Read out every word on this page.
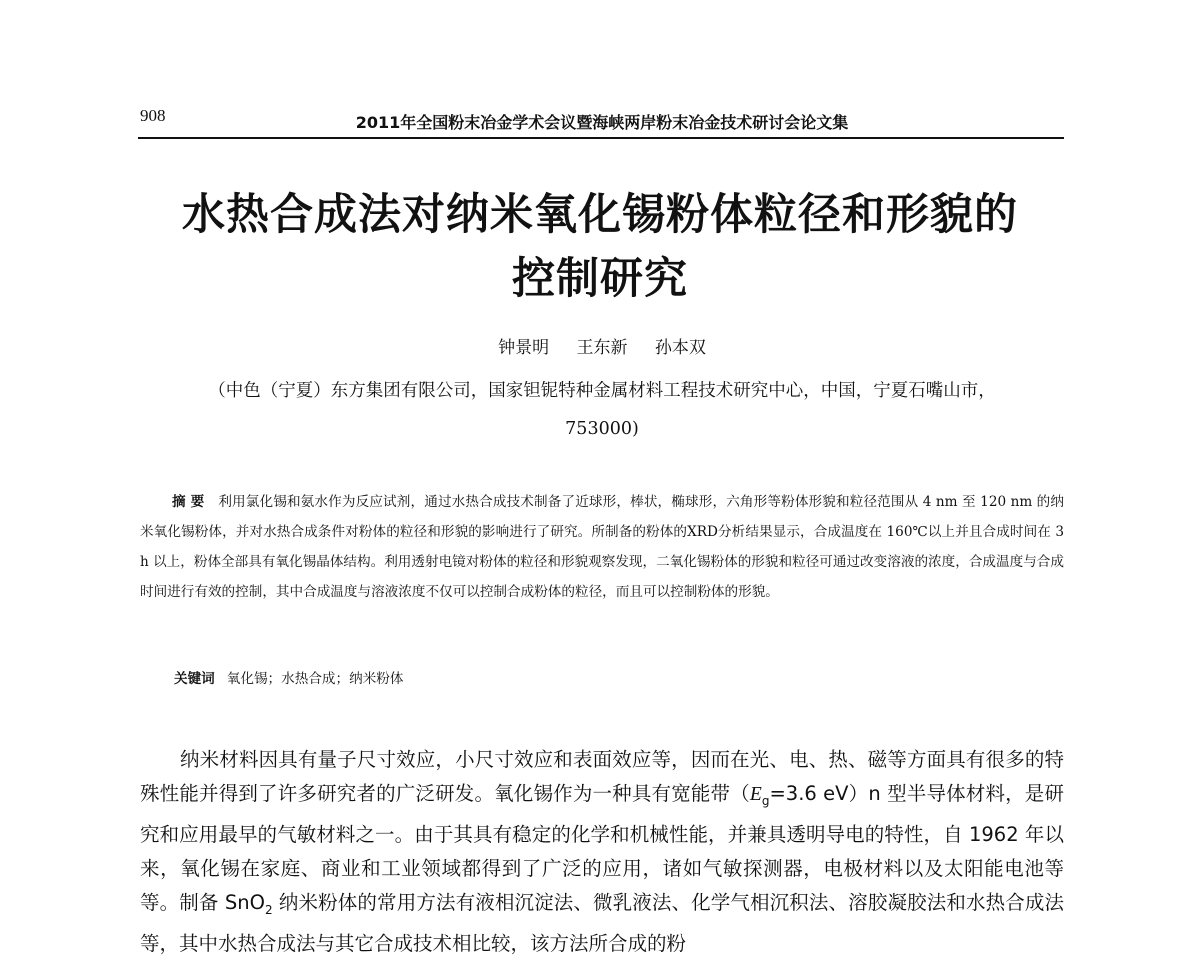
908	2011年全国粉末冶金学术会议暨海峡两岸粉末冶金技术研讨会论文集
水热合成法对纳米氧化锡粉体粒径和形貌的
控制研究
钟景明 王东新 孙本双
（中色（宁夏）东方集团有限公司，国家钽铌特种金属材料工程技术研究中心，中国，宁夏石嘴山市，
753000)
摘 要 利用氯化锡和氨水作为反应试剂，通过水热合成技术制备了近球形，棒状，椭球形，六角形等粉体形貌和粒径范围从 4 nm 至 120 nm 的纳米氧化锡粉体，并对水热合成条件对粉体的粒径和形貌的影响进行了研究。所制备的粉体的XRD分析结果显示，合成温度在 160℃以上并且合成时间在 3 h 以上，粉体全部具有氧化锡晶体结构。利用透射电镜对粉体的粒径和形貌观察发现，二氧化锡粉体的形貌和粒径可通过改变溶液的浓度，合成温度与合成时间进行有效的控制，其中合成温度与溶液浓度不仅可以控制合成粉体的粒径，而且可以控制粉体的形貌。
关键词 氧化锡；水热合成；纳米粉体
纳米材料因具有量子尺寸效应，小尺寸效应和表面效应等，因而在光、电、热、磁等方面具有很多的特殊性能并得到了许多研究者的广泛研发。氧化锡作为一种具有宽能带（$E_g=3.6$ eV）n 型半导体材料，是研究和应用最早的气敏材料之一。由于其具有稳定的化学和机械性能，并兼具透明导电的特性，自 1962 年以来，氧化锡在家庭、商业和工业领域都得到了广泛的应用，诸如气敏探测器，电极材料以及太阳能电池等等。制备 SnO$_2$ 纳米粉体的常用方法有液相沉淀法、微乳液法、化学气相沉积法、溶胶凝胶法和水热合成法等，其中水热合成法与其它合成技术相比较，该方法所合成的粉
